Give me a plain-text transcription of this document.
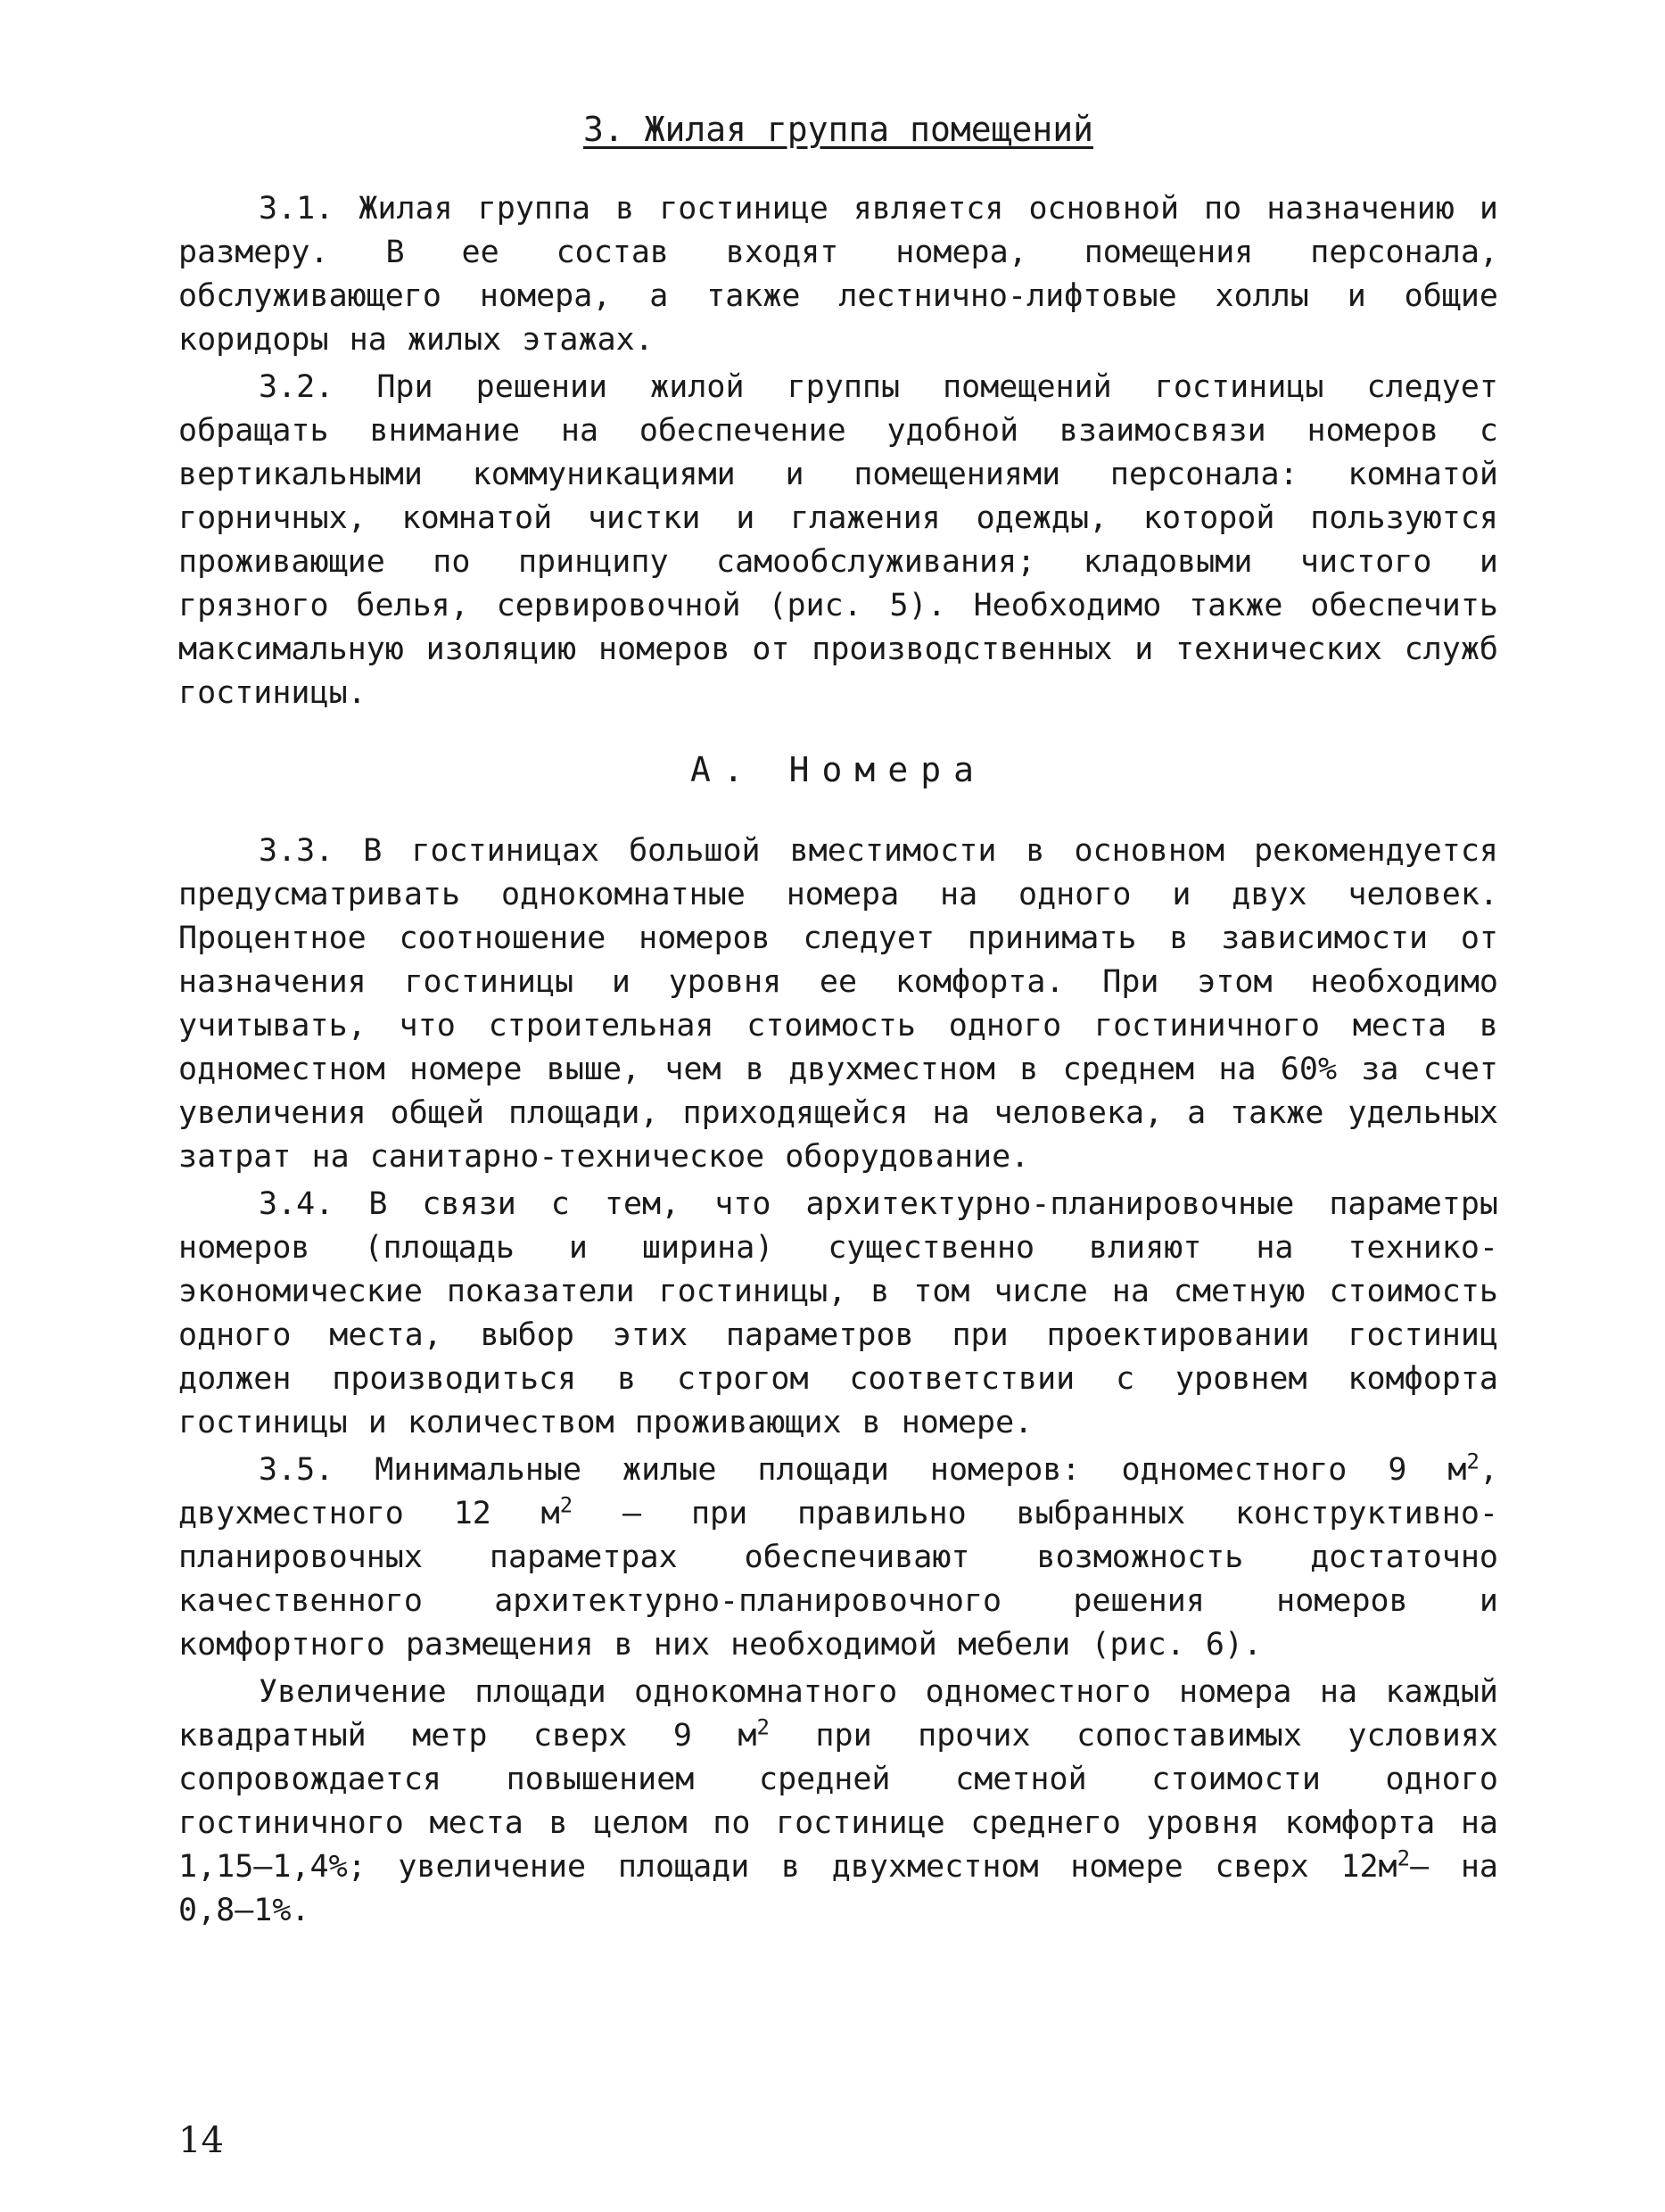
3. Жилая группа помещений

3.1. Жилая группа в гостинице является основной по назначению и размеру. В ее состав входят номера, помещения персонала, обслуживающего номера, а также лестнично-лифтовые холлы и общие коридоры на жилых этажах.

3.2. При решении жилой группы помещений гостиницы следует обращать внимание на обеспечение удобной взаимосвязи номеров с вертикальными коммуникациями и помещениями персонала: комнатой горничных, комнатой чистки и глажения одежды, которой пользуются проживающие по принципу самообслуживания; кладовыми чистого и грязного белья, сервировочной (рис. 5). Необходимо также обеспечить максимальную изоляцию номеров от производственных и технических служб гостиницы.

А. Номера

3.3. В гостиницах большой вместимости в основном рекомендуется предусматривать однокомнатные номера на одного и двух человек. Процентное соотношение номеров следует принимать в зависимости от назначения гостиницы и уровня ее комфорта. При этом необходимо учитывать, что строительная стоимость одного гостиничного места в одноместном номере выше, чем в двухместном в среднем на 60% за счет увеличения общей площади, приходящейся на человека, а также удельных затрат на санитарно-техническое оборудование.

3.4. В связи с тем, что архитектурно-планировочные параметры номеров (площадь и ширина) существенно влияют на технико-экономические показатели гостиницы, в том числе на сметную стоимость одного места, выбор этих параметров при проектировании гостиниц должен производиться в строгом соответствии с уровнем комфорта гостиницы и количеством проживающих в номере.

3.5. Минимальные жилые площади номеров: одноместного 9 $м^2$, двухместного 12 $м^2$ – при правильно выбранных конструктивно-планировочных параметрах обеспечивают возможность достаточно качественного архитектурно-планировочного решения номеров и комфортного размещения в них необходимой мебели (рис. 6).

Увеличение площади однокомнатного одноместного номера на каждый квадратный метр сверх 9 $м^2$ при прочих сопоставимых условиях сопровождается повышением средней сметной стоимости одного гостиничного места в целом по гостинице среднего уровня комфорта на 1,15–1,4%; увеличение площади в двухместном номере сверх $12м^2-$ на 0,8–1%.

14
